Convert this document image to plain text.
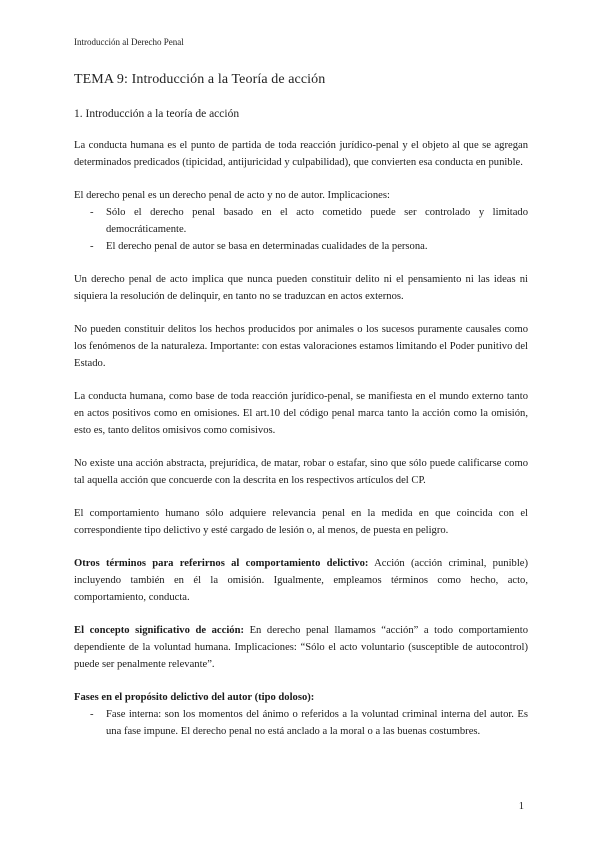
Introducción al Derecho Penal
TEMA 9: Introducción a la Teoría de acción
1. Introducción a la teoría de acción

La conducta humana es el punto de partida de toda reacción jurídico-penal y el objeto al que se agregan determinados predicados (tipicidad, antijuricidad y culpabilidad), que convierten esa conducta en punible.

El derecho penal es un derecho penal de acto y no de autor. Implicaciones:

- Sólo el derecho penal basado en el acto cometido puede ser controlado y limitado democráticamente.
- El derecho penal de autor se basa en determinadas cualidades de la persona.

Un derecho penal de acto implica que nunca pueden constituir delito ni el pensamiento ni las ideas ni siquiera la resolución de delinquir, en tanto no se traduzcan en actos externos.

No pueden constituir delitos los hechos producidos por animales o los sucesos puramente causales como los fenómenos de la naturaleza. Importante: con estas valoraciones estamos limitando el Poder punitivo del Estado.

La conducta humana, como base de toda reacción jurídico-penal, se manifiesta en el mundo externo tanto en actos positivos como en omisiones. El art.10 del código penal marca tanto la acción como la omisión, esto es, tanto delitos omisivos como comisivos.

No existe una acción abstracta, prejurídica, de matar, robar o estafar, sino que sólo puede calificarse como tal aquella acción que concuerde con la descrita en los respectivos artículos del CP.

El comportamiento humano sólo adquiere relevancia penal en la medida en que coincida con el correspondiente tipo delictivo y esté cargado de lesión o, al menos, de puesta en peligro.

Otros términos para referirnos al comportamiento delictivo: Acción (acción criminal, punible) incluyendo también en él la omisión. Igualmente, empleamos términos como hecho, acto, comportamiento, conducta.

El concepto significativo de acción: En derecho penal llamamos “acción” a todo comportamiento dependiente de la voluntad humana. Implicaciones: “Sólo el acto voluntario (susceptible de autocontrol) puede ser penalmente relevante”.

Fases en el propósito delictivo del autor (tipo doloso):

- Fase interna: son los momentos del ánimo o referidos a la voluntad criminal interna del autor. Es una fase impune. El derecho penal no está anclado a la moral o a las buenas costumbres.
1
